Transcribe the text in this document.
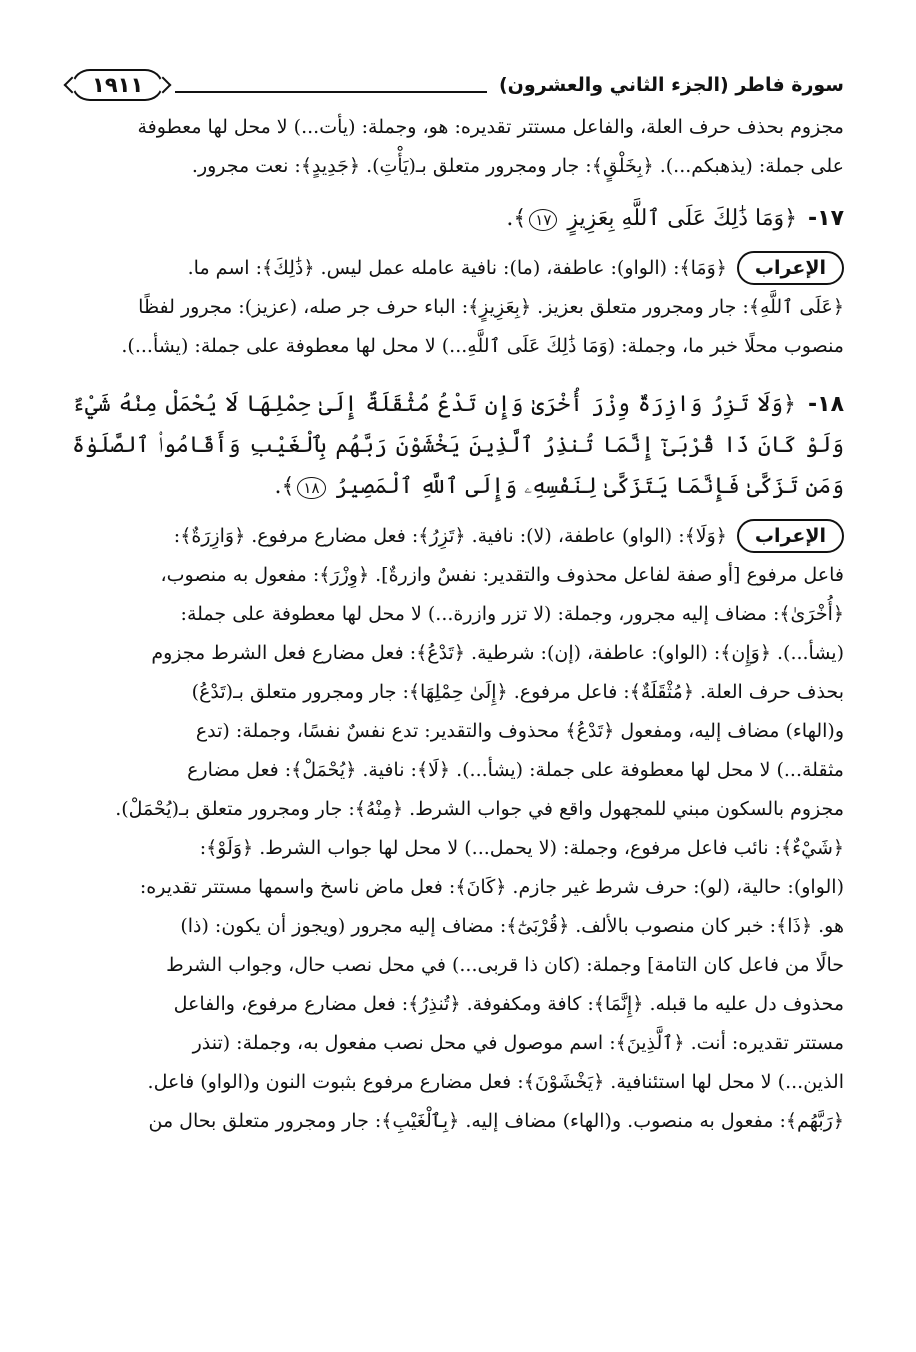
سورة فاطر (الجزء الثاني والعشرون)
١٩١١

مجزوم بحذف حرف العلة، والفاعل مستتر تقديره: هو، وجملة: (يأت...) لا محل لها معطوفة

على جملة: (يذهبكم...). ﴿بِخَلْقٍ﴾: جار ومجرور متعلق بـ(يَأْتِ). ﴿جَدِيدٍ﴾: نعت مجرور.

١٧- ﴿وَمَا ذَٰلِكَ عَلَى ٱللَّهِ بِعَزِيزٍ ١٧﴾.
الإعراب

﴿وَمَا﴾: (الواو): عاطفة، (ما): نافية عامله عمل ليس. ﴿ذَٰلِكَ﴾: اسم ما.

﴿عَلَى ٱللَّهِ﴾: جار ومجرور متعلق بعزيز. ﴿بِعَزِيزٍ﴾: الباء حرف جر صله، (عزيز): مجرور لفظًا

منصوب محلًا خبر ما، وجملة: (وَمَا ذَٰلِكَ عَلَى ٱللَّهِ...) لا محل لها معطوفة على جملة: (يشأ...).

١٨- ﴿وَلَا تَزِرُ وَازِرَةٌ وِزْرَ أُخْرَىٰ وَإِن تَدْعُ مُثْقَلَةٌ إِلَىٰ حِمْلِهَا لَا يُحْمَلْ مِنْهُ شَيْءٌ وَلَوْ كَانَ ذَا قُرْبَىٰٓ إِنَّمَا تُنذِرُ ٱلَّذِينَ يَخْشَوْنَ رَبَّهُم بِٱلْغَيْبِ وَأَقَامُوا۟ ٱلصَّلَوٰةَ وَمَن تَزَكَّىٰ فَإِنَّمَا يَتَزَكَّىٰ لِنَفْسِهِۦ وَإِلَى ٱللَّهِ ٱلْمَصِيرُ ١٨﴾.
الإعراب

﴿وَلَا﴾: (الواو) عاطفة، (لا): نافية. ﴿تَزِرُ﴾: فعل مضارع مرفوع. ﴿وَازِرَةٌ﴾:

فاعل مرفوع [أو صفة لفاعل محذوف والتقدير: نفسٌ وازرةٌ]. ﴿وِزْرَ﴾: مفعول به منصوب،

﴿أُخْرَىٰ﴾: مضاف إليه مجرور، وجملة: (لا تزر وازرة...) لا محل لها معطوفة على جملة:

(يشأ...). ﴿وَإِن﴾: (الواو): عاطفة، (إن): شرطية. ﴿تَدْعُ﴾: فعل مضارع فعل الشرط مجزوم

بحذف حرف العلة. ﴿مُثْقَلَةٌ﴾: فاعل مرفوع. ﴿إِلَىٰ حِمْلِهَا﴾: جار ومجرور متعلق بـ(تَدْعُ)

و(الهاء) مضاف إليه، ومفعول ﴿تَدْعُ﴾ محذوف والتقدير: تدع نفسٌ نفسًا، وجملة: (تدع

مثقلة...) لا محل لها معطوفة على جملة: (يشأ...). ﴿لَا﴾: نافية. ﴿يُحْمَلْ﴾: فعل مضارع

مجزوم بالسكون مبني للمجهول واقع في جواب الشرط. ﴿مِنْهُ﴾: جار ومجرور متعلق بـ(يُحْمَلْ).

﴿شَيْءٌ﴾: نائب فاعل مرفوع، وجملة: (لا يحمل...) لا محل لها جواب الشرط. ﴿وَلَوْ﴾:

(الواو): حالية، (لو): حرف شرط غير جازم. ﴿كَانَ﴾: فعل ماض ناسخ واسمها مستتر تقديره:

هو. ﴿ذَا﴾: خبر كان منصوب بالألف. ﴿قُرْبَىٰٓ﴾: مضاف إليه مجرور (ويجوز أن يكون: (ذا)

حالًا من فاعل كان التامة] وجملة: (كان ذا قربى...) في محل نصب حال، وجواب الشرط

محذوف دل عليه ما قبله. ﴿إِنَّمَا﴾: كافة ومكفوفة. ﴿تُنذِرُ﴾: فعل مضارع مرفوع، والفاعل

مستتر تقديره: أنت. ﴿ٱلَّذِينَ﴾: اسم موصول في محل نصب مفعول به، وجملة: (تنذر

الذين...) لا محل لها استئنافية. ﴿يَخْشَوْنَ﴾: فعل مضارع مرفوع بثبوت النون و(الواو) فاعل.

﴿رَبَّهُم﴾: مفعول به منصوب. و(الهاء) مضاف إليه. ﴿بِٱلْغَيْبِ﴾: جار ومجرور متعلق بحال من
